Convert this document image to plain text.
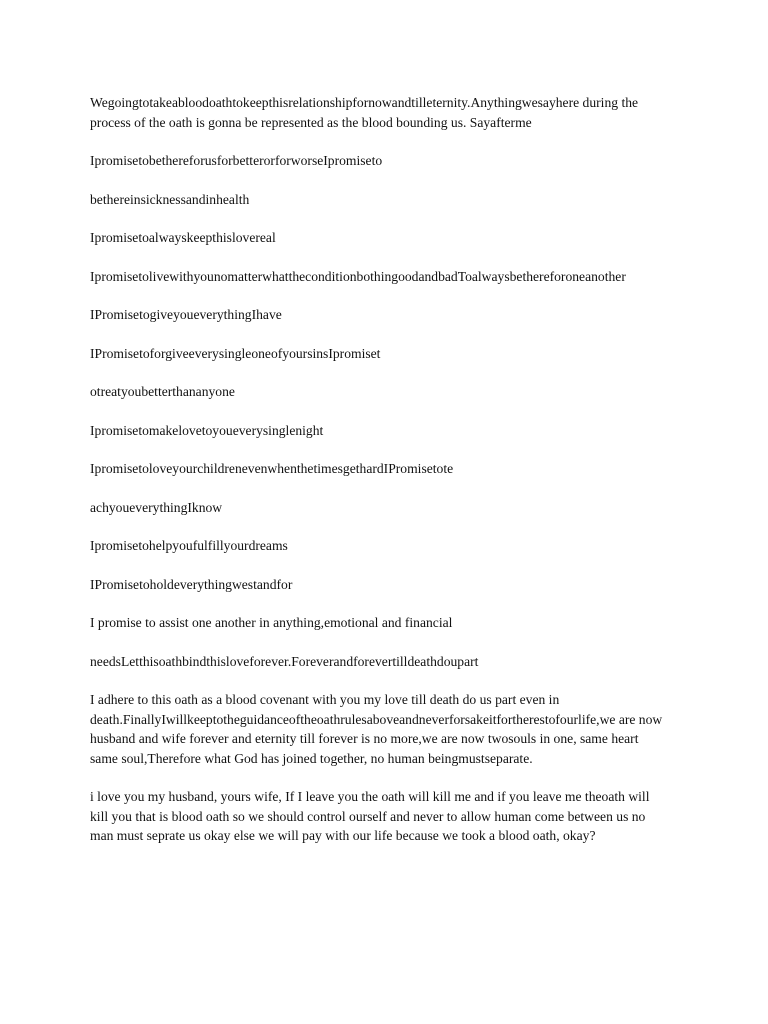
Wegoingtotakeabloodoathtokeepthisrelationshipfornowandtilleternity.Anythingwesayhere during the
process of the oath is gonna be represented as the blood bounding us. Sayafterme

IpromisetobethereforusforbetterorforworseIpromiseto

bethereinsicknessandinhealth

Ipromisetoalwayskeepthislovereal

IpromisetolivewithyounomatterwhattheconditionbothingoodandbadToalwaysbethereforoneanother

IPromisetogiveyoueverythingIhave

IPromisetoforgiveeverysingleoneofyoursinsIpromiset

otreatyoubetterthananyone

Ipromisetomakelovetoyoueverysinglenight

IpromisetoloveyourchildrenevenwhenthetimesgethardIPromisetote

achyoueverythingIknow

Ipromisetohelpyoufulfillyourdreams

IPromisetoholdeverythingwestandfor

I promise to assist one another in anything,emotional and financial

needsLetthisoathbindthisloveforever.Foreverandforevertilldeathdoupart

I adhere to this oath as a blood covenant with you my love till death do us part even in
death.FinallyIwillkeeptotheguidanceoftheoathrulesaboveandneverforsakeitfortherestofourlife,we are now
husband and wife forever and eternity till forever is no more,we are now twosouls in one, same heart
same soul,Therefore what God has joined together, no human beingmustseparate.

i love you my husband, yours wife, If I leave you the oath will kill me and if you leave me theoath will
kill you that is blood oath so we should control ourself and never to allow human come between us no
man must seprate us okay else we will pay with our life because we took a blood oath, okay?
